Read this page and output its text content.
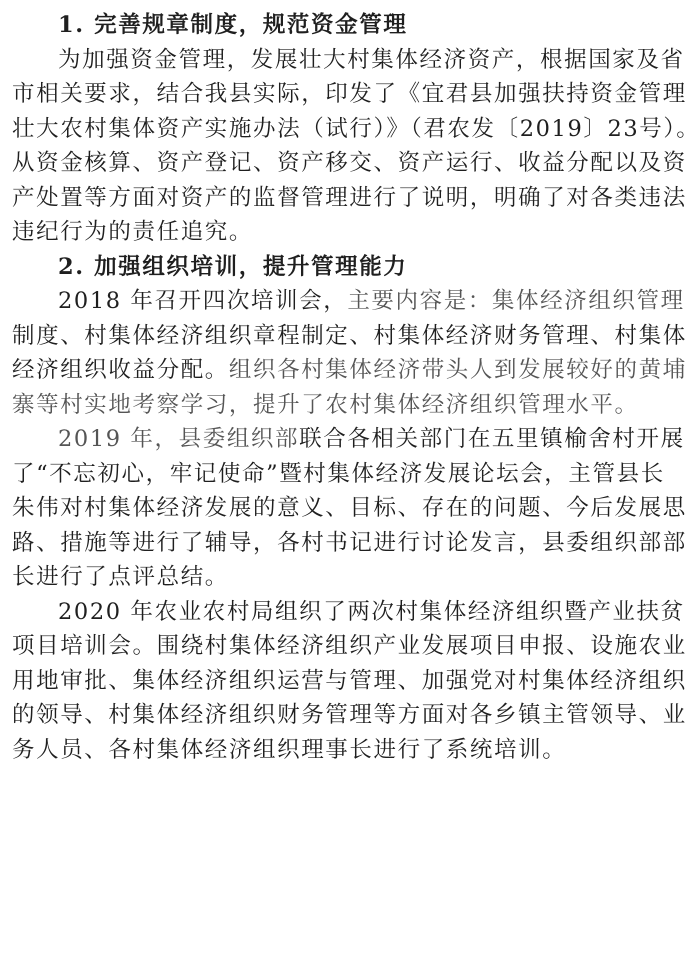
1. 完善规章制度，规范资金管理
为加强资金管理，发展壮大村集体经济资产，根据国家及省
市相关要求，结合我县实际，印发了《宜君县加强扶持资金管理
壮大农村集体资产实施办法（试行）》（君农发〔2019〕23号）。
从资金核算、资产登记、资产移交、资产运行、收益分配以及资
产处置等方面对资产的监督管理进行了说明，明确了对各类违法
违纪行为的责任追究。
2. 加强组织培训，提升管理能力
2018 年召开四次培训会，主要内容是：集体经济组织管理
制度、村集体经济组织章程制定、村集体经济财务管理、村集体
经济组织收益分配。组织各村集体经济带头人到发展较好的黄埔
寨等村实地考察学习，提升了农村集体经济组织管理水平。
2019 年，县委组织部联合各相关部门在五里镇榆舍村开展
了“不忘初心，牢记使命”暨村集体经济发展论坛会，主管县长
朱伟对村集体经济发展的意义、目标、存在的问题、今后发展思
路、措施等进行了辅导，各村书记进行讨论发言，县委组织部部
长进行了点评总结。
2020 年农业农村局组织了两次村集体经济组织暨产业扶贫
项目培训会。围绕村集体经济组织产业发展项目申报、设施农业
用地审批、集体经济组织运营与管理、加强党对村集体经济组织
的领导、村集体经济组织财务管理等方面对各乡镇主管领导、业
务人员、各村集体经济组织理事长进行了系统培训。
